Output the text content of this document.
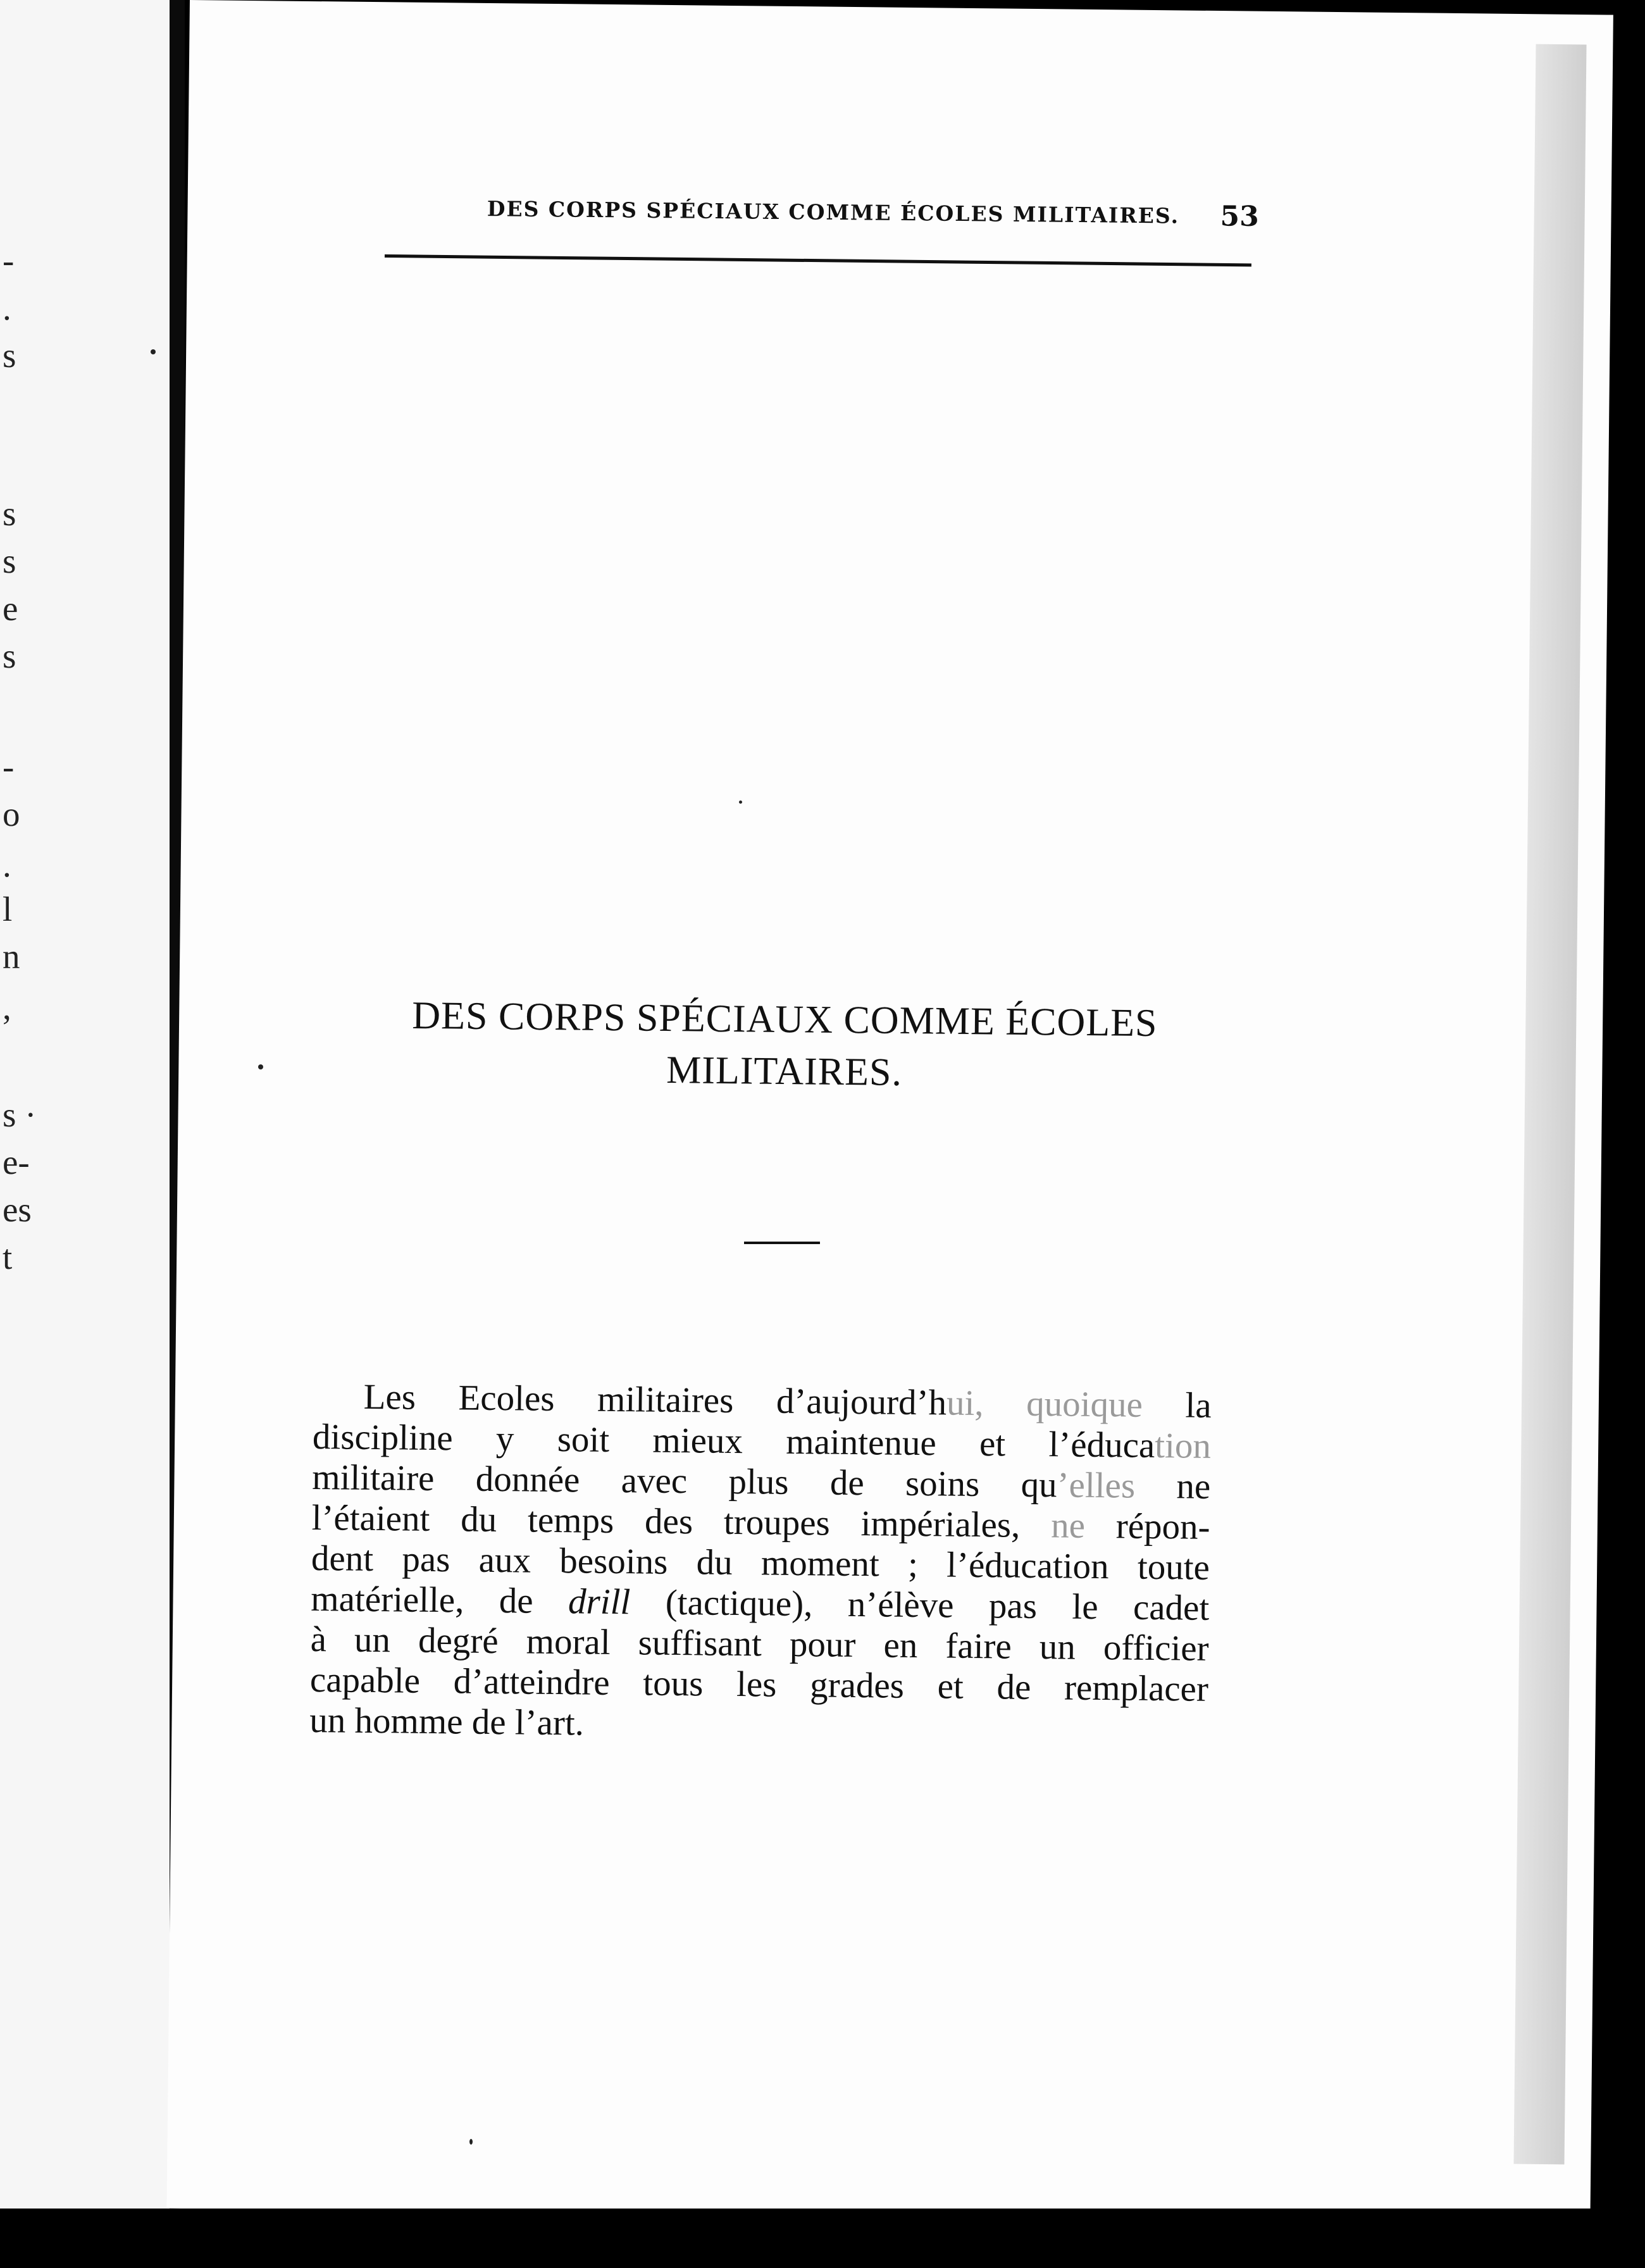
-
.
s
s
s
e
s
-
o
.
l
n
,
s ·
e-
es
t
DES CORPS SPÉCIAUX COMME ÉCOLES MILITAIRES. 53
DES CORPS SPÉCIAUX COMME ÉCOLES
MILITAIRES.
Les Ecoles militaires d’aujourd’hui, quoique la
discipline y soit mieux maintenue et l’éducation
militaire donnée avec plus de soins qu’elles ne
l’étaient du temps des troupes impériales, ne répon-
dent pas aux besoins du moment ; l’éducation toute
matérielle, de drill (tactique), n’élève pas le cadet
à un degré moral suffisant pour en faire un officier
capable d’atteindre tous les grades et de remplacer
un homme de l’art.
